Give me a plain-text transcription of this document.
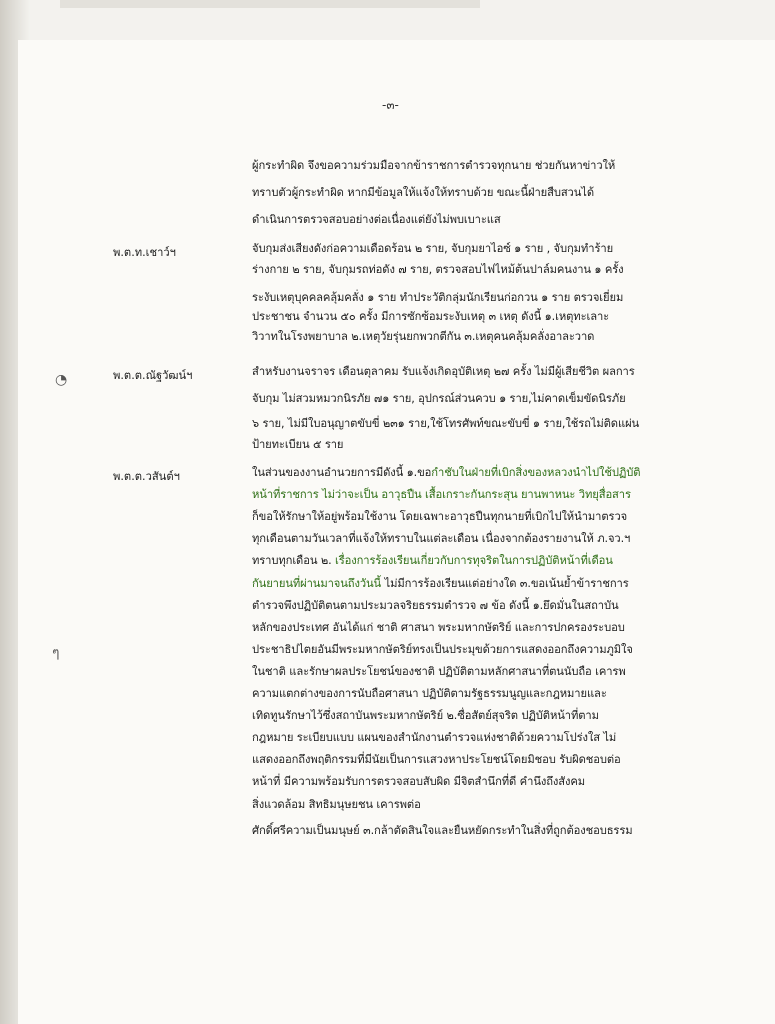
-๓-
◔
ๆ
ผู้กระทำผิด จึงขอความร่วมมือจากข้าราชการตำรวจทุกนาย ช่วยกันหาข่าวให้
ทราบตัวผู้กระทำผิด หากมีข้อมูลให้แจ้งให้ทราบด้วย ขณะนี้ฝ่ายสืบสวนได้
ดำเนินการตรวจสอบอย่างต่อเนื่องแต่ยังไม่พบเบาะแส
พ.ต.ท.เชาว์ฯ	จับกุมส่งเสียงดังก่อความเดือดร้อน ๒ ราย, จับกุมยาไอซ์ ๑ ราย , จับกุมทำร้าย
ร่างกาย ๒ ราย, จับกุมรถท่อดัง ๗ ราย, ตรวจสอบไฟไหม้ต้นปาล์มคนงาน ๑ ครั้ง
ระงับเหตุบุคคลคลุ้มคลั่ง ๑ ราย ทำประวัติกลุ่มนักเรียนก่อกวน ๑ ราย ตรวจเยี่ยม
ประชาชน จำนวน ๕๐ ครั้ง มีการซักซ้อมระงับเหตุ ๓ เหตุ ดังนี้ ๑.เหตุทะเลาะ
วิวาทในโรงพยาบาล ๒.เหตุวัยรุ่นยกพวกตีกัน ๓.เหตุคนคลุ้มคลั่งอาละวาด
พ.ต.ต.ณัฐวัฒน์ฯ	สำหรับงานจราจร เดือนตุลาคม รับแจ้งเกิดอุบัติเหตุ ๒๗ ครั้ง ไม่มีผู้เสียชีวิต ผลการ
จับกุม ไม่สวมหมวกนิรภัย ๗๑ ราย, อุปกรณ์ส่วนควบ ๑ ราย,ไม่คาดเข็มขัดนิรภัย
๖ ราย, ไม่มีใบอนุญาตขับขี่ ๒๓๑ ราย,ใช้โทรศัพท์ขณะขับขี่ ๑ ราย,ใช้รถไม่ติดแผ่น
ป้ายทะเบียน ๕ ราย
พ.ต.ต.วสันต์ฯ	ในส่วนของงานอำนวยการมีดังนี้ ๑.ขอกำชับในฝ่ายที่เบิกสิ่งของหลวงนำไปใช้ปฏิบัติ
หน้าที่ราชการ ไม่ว่าจะเป็น อาวุธปืน เสื้อเกราะกันกระสุน ยานพาหนะ วิทยุสื่อสาร
ก็ขอให้รักษาให้อยู่พร้อมใช้งาน โดยเฉพาะอาวุธปืนทุกนายที่เบิกไปให้นำมาตรวจ
ทุกเดือนตามวันเวลาที่แจ้งให้ทราบในแต่ละเดือน เนื่องจากต้องรายงานให้ ภ.จว.ฯ
ทราบทุกเดือน ๒. เรื่องการร้องเรียนเกี่ยวกับการทุจริตในการปฏิบัติหน้าที่เดือน
กันยายนที่ผ่านมาจนถึงวันนี้ ไม่มีการร้องเรียนแต่อย่างใด ๓.ขอเน้นย้ำข้าราชการ
ตำรวจพึงปฏิบัติตนตามประมวลจริยธรรมตำรวจ ๗ ข้อ ดังนี้ ๑.ยึดมั่นในสถาบัน
หลักของประเทศ อันได้แก่ ชาติ ศาสนา พระมหากษัตริย์ และการปกครองระบอบ
ประชาธิปไตยอันมีพระมหากษัตริย์ทรงเป็นประมุขด้วยการแสดงออกถึงความภูมิใจ
ในชาติ และรักษาผลประโยชน์ของชาติ ปฏิบัติตามหลักศาสนาที่ตนนับถือ เคารพ
ความแตกต่างของการนับถือศาสนา ปฏิบัติตามรัฐธรรมนูญและกฎหมายและ
เทิดทูนรักษาไว้ซึ่งสถาบันพระมหากษัตริย์ ๒.ซื่อสัตย์สุจริต ปฏิบัติหน้าที่ตาม
กฎหมาย ระเบียบแบบ แผนของสำนักงานตำรวจแห่งชาติด้วยความโปร่งใส ไม่
แสดงออกถึงพฤติกรรมที่มีนัยเป็นการแสวงหาประโยชน์โดยมิชอบ รับผิดชอบต่อ
หน้าที่ มีความพร้อมรับการตรวจสอบสับผิด มีจิตสำนึกที่ดี คำนึงถึงสังคม
สิ่งแวดล้อม สิทธิมนุษยชน เคารพต่อ
ศักดิ์ศรีความเป็นมนุษย์ ๓.กล้าตัดสินใจและยืนหยัดกระทำในสิ่งที่ถูกต้องชอบธรรม
